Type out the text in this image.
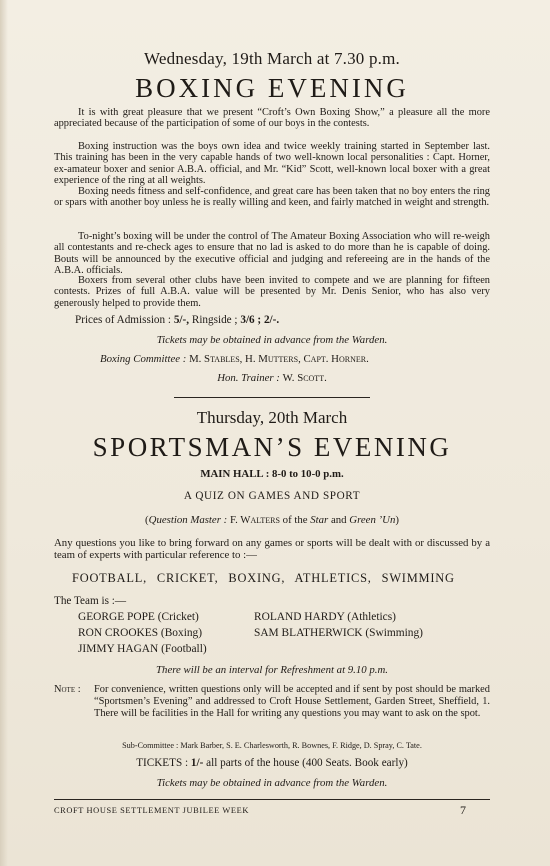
Wednesday, 19th March at 7.30 p.m.
BOXING EVENING

It is with great pleasure that we present “Croft’s Own Boxing Show,” a pleasure all the more appreciated because of the participation of some of our boys in the contests.

Boxing instruction was the boys own idea and twice weekly training started in September last. This training has been in the very capable hands of two well-known local personalities : Capt. Horner, ex-amateur boxer and senior A.B.A. official, and Mr. “Kid” Scott, well-known local boxer with a great experience of the ring at all weights.

Boxing needs fitness and self-confidence, and great care has been taken that no boy enters the ring or spars with another boy unless he is really willing and keen, and fairly matched in weight and strength.

To-night’s boxing will be under the control of The Amateur Boxing Association who will re-weigh all contestants and re-check ages to ensure that no lad is asked to do more than he is capable of doing. Bouts will be announced by the executive official and judging and refereeing are in the hands of the A.B.A. officials.

Boxers from several other clubs have been invited to compete and we are planning for fifteen contests. Prizes of full A.B.A. value will be presented by Mr. Denis Senior, who has also very generously helped to provide them.

Prices of Admission : 5/-, Ringside ; 3/6 ; 2/-.
Tickets may be obtained in advance from the Warden.
Boxing Committee : M. Stables, H. Mutters, Capt. Horner.
Hon. Trainer : W. Scott.
Thursday, 20th March
SPORTSMAN’S EVENING
MAIN HALL : 8-0 to 10-0 p.m.
A QUIZ ON GAMES AND SPORT
(Question Master : F. Walters of the Star and Green ’Un)

Any questions you like to bring forward on any games or sports will be dealt with or discussed by a team of experts with particular reference to :—

FOOTBALL, CRICKET, BOXING, ATHLETICS, SWIMMING
The Team is :—
GEORGE POPE (Cricket)	ROLAND HARDY (Athletics)
RON CROOKES (Boxing)	SAM BLATHERWICK (Swimming)
JIMMY HAGAN (Football)
There will be an interval for Refreshment at 9.10 p.m.
Note : For convenience, written questions only will be accepted and if sent by post should be marked “Sportsmen’s Evening” and addressed to Croft House Settlement, Garden Street, Sheffield, 1. There will be facilities in the Hall for writing any questions you may want to ask on the spot.

Sub-Committee : Mark Barber, S. E. Charlesworth, R. Bownes, F. Ridge, D. Spray, C. Tate.
TICKETS : 1/- all parts of the house (400 Seats. Book early)
Tickets may be obtained in advance from the Warden.
CROFT HOUSE SETTLEMENT JUBILEE WEEK	7
